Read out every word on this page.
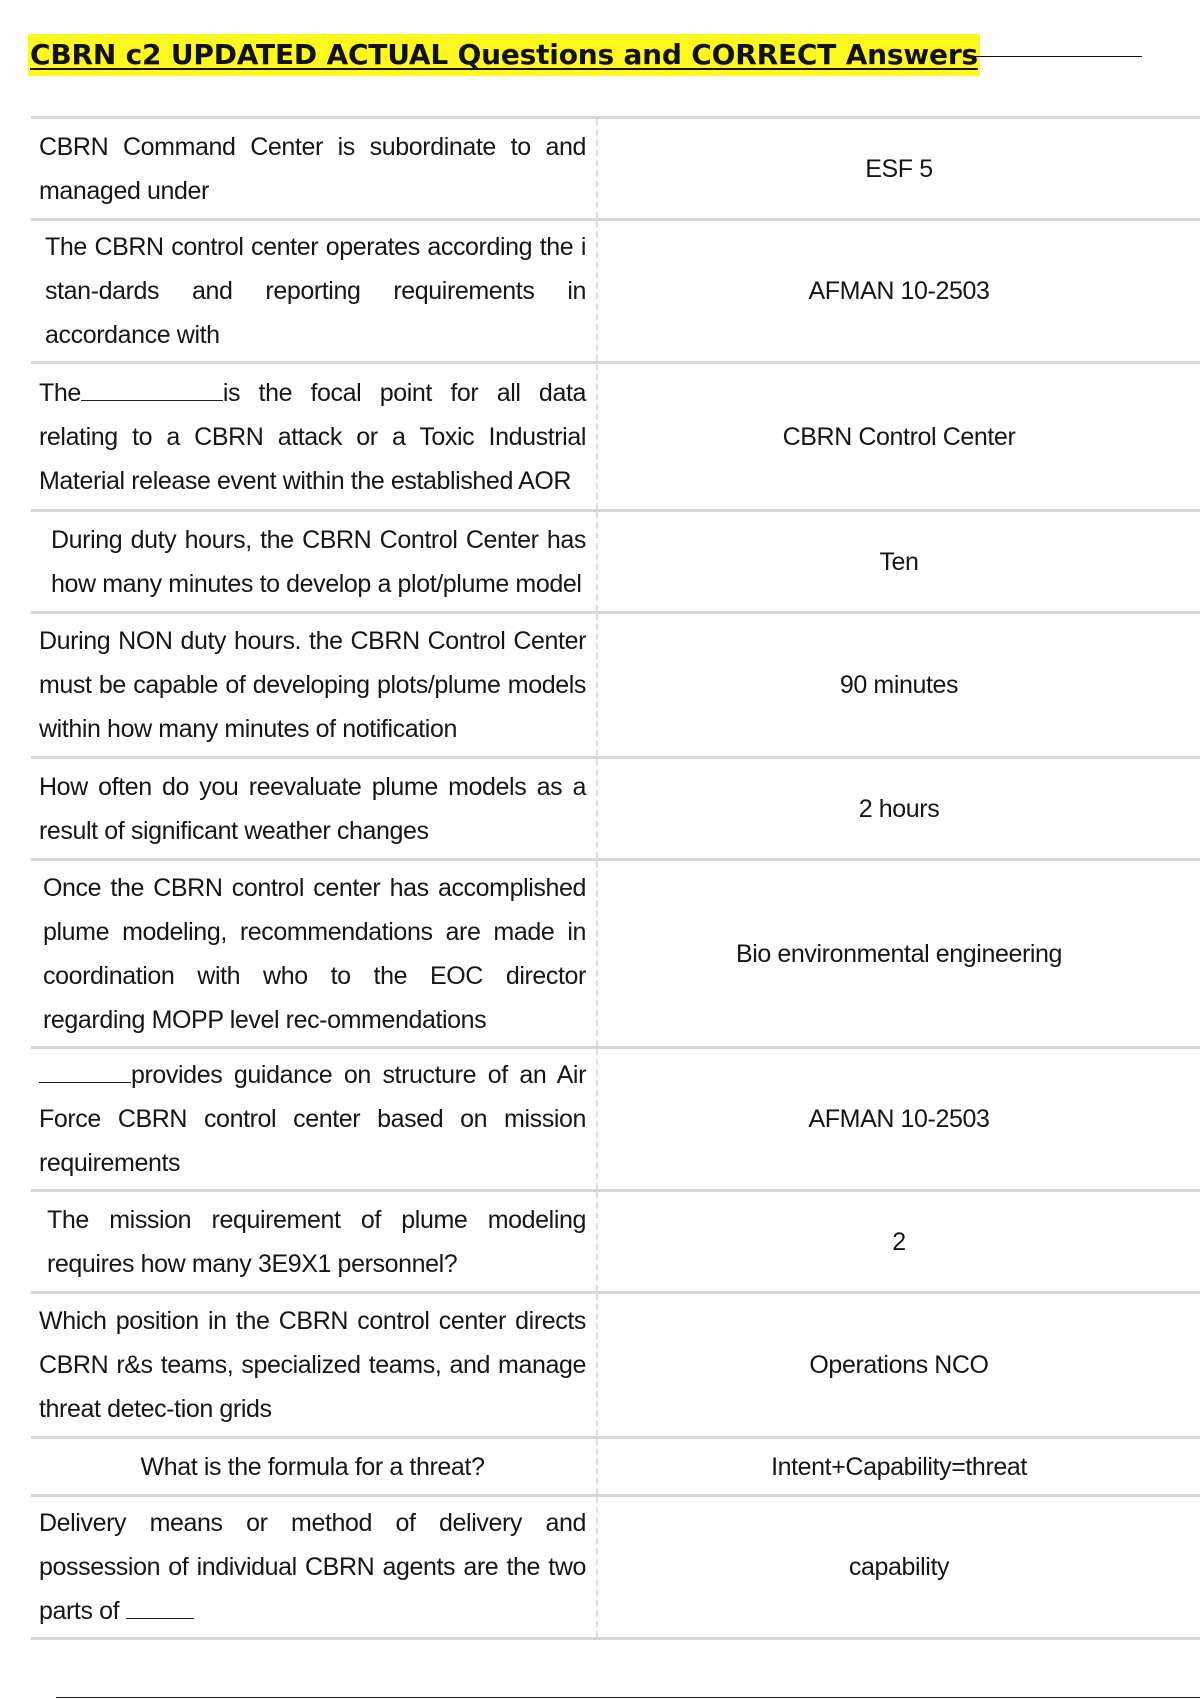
CBRN c2 UPDATED ACTUAL Questions and CORRECT Answers
CBRN Command Center is subordinate to and managed under	ESF 5
The CBRN control center operates according the i stan-dards and reporting requirements in accordance with	AFMAN 10-2503
The is the focal point for all data relating to a CBRN attack or a Toxic Industrial Material release event within the established AOR	CBRN Control Center
During duty hours, the CBRN Control Center has how many minutes to develop a plot/plume model	Ten
During NON duty hours. the CBRN Control Center must be capable of developing plots/plume models within how many minutes of notification	90 minutes
How often do you reevaluate plume models as a result of significant weather changes	2 hours
Once the CBRN control center has accomplished plume modeling, recommendations are made in coordination with who to the EOC director regarding MOPP level rec-ommendations	Bio environmental engineering
provides guidance on structure of an Air Force CBRN control center based on mission requirements	AFMAN 10-2503
The mission requirement of plume modeling requires how many 3E9X1 personnel?	2
Which position in the CBRN control center directs CBRN r&s teams, specialized teams, and manage threat detec-tion grids	Operations NCO
What is the formula for a threat?	Intent+Capability=threat
Delivery means or method of delivery and possession of individual CBRN agents are the two parts of	capability
